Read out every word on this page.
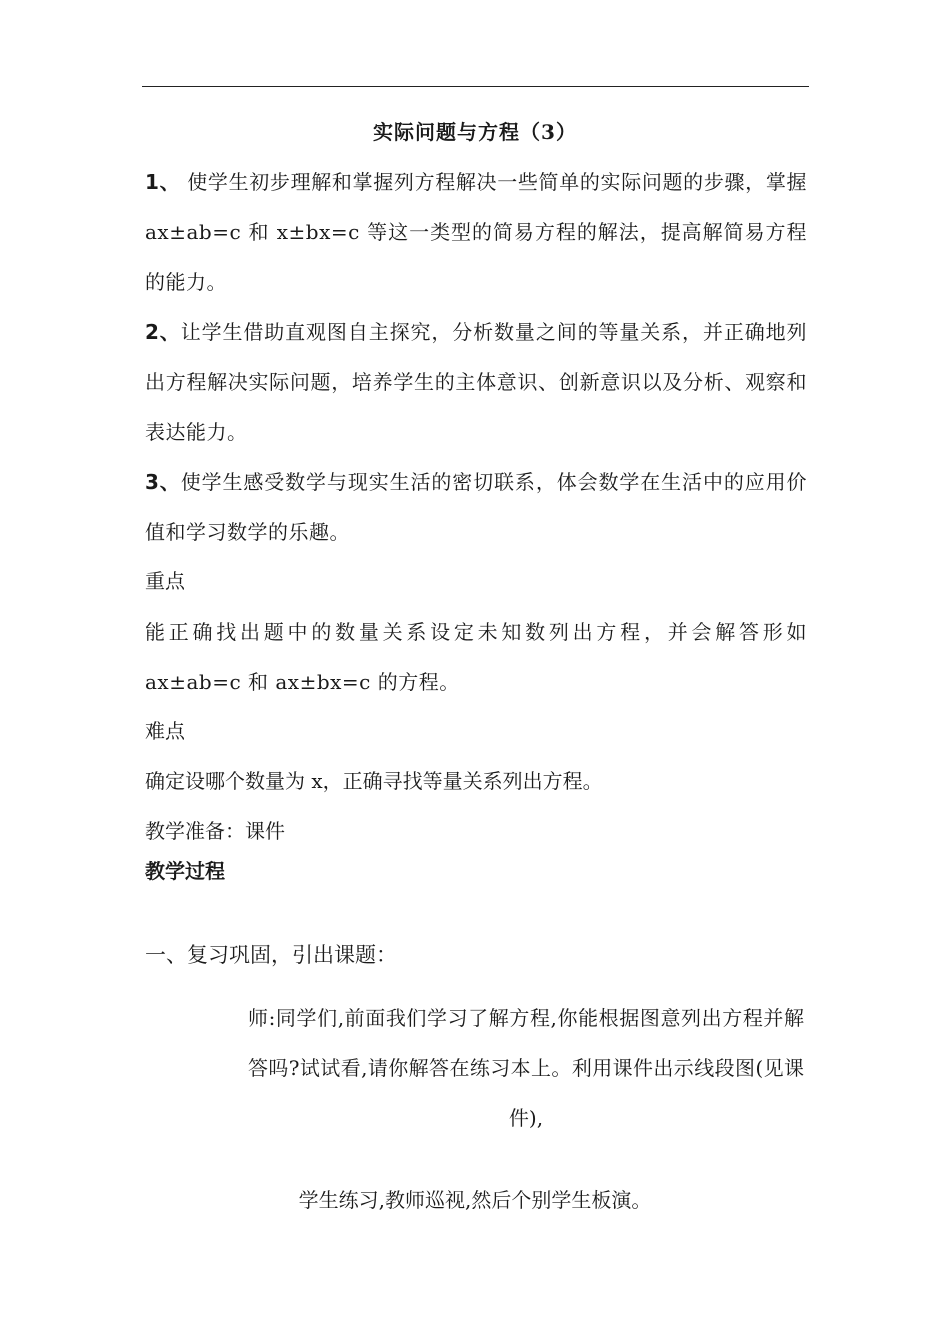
实际问题与方程（3）
1、 使学生初步理解和掌握列方程解决一些简单的实际问题的步骤，掌握 ax±ab=c 和 x±bx=c 等这一类型的简易方程的解法，提高解简易方程的能力。
2、让学生借助直观图自主探究，分析数量之间的等量关系，并正确地列出方程解决实际问题，培养学生的主体意识、创新意识以及分析、观察和表达能力。
3、使学生感受数学与现实生活的密切联系，体会数学在生活中的应用价值和学习数学的乐趣。
重点
能正确找出题中的数量关系设定未知数列出方程，并会解答形如 ax±ab=c 和 ax±bx=c 的方程。
难点
确定设哪个数量为 x，正确寻找等量关系列出方程。
教学准备：课件
教学过程
一、复习巩固，引出课题：
师:同学们,前面我们学习了解方程,你能根据图意列出方程并解答吗?试试看,请你解答在练习本上。利用课件出示线段图(见课件),
学生练习,教师巡视,然后个别学生板演。
